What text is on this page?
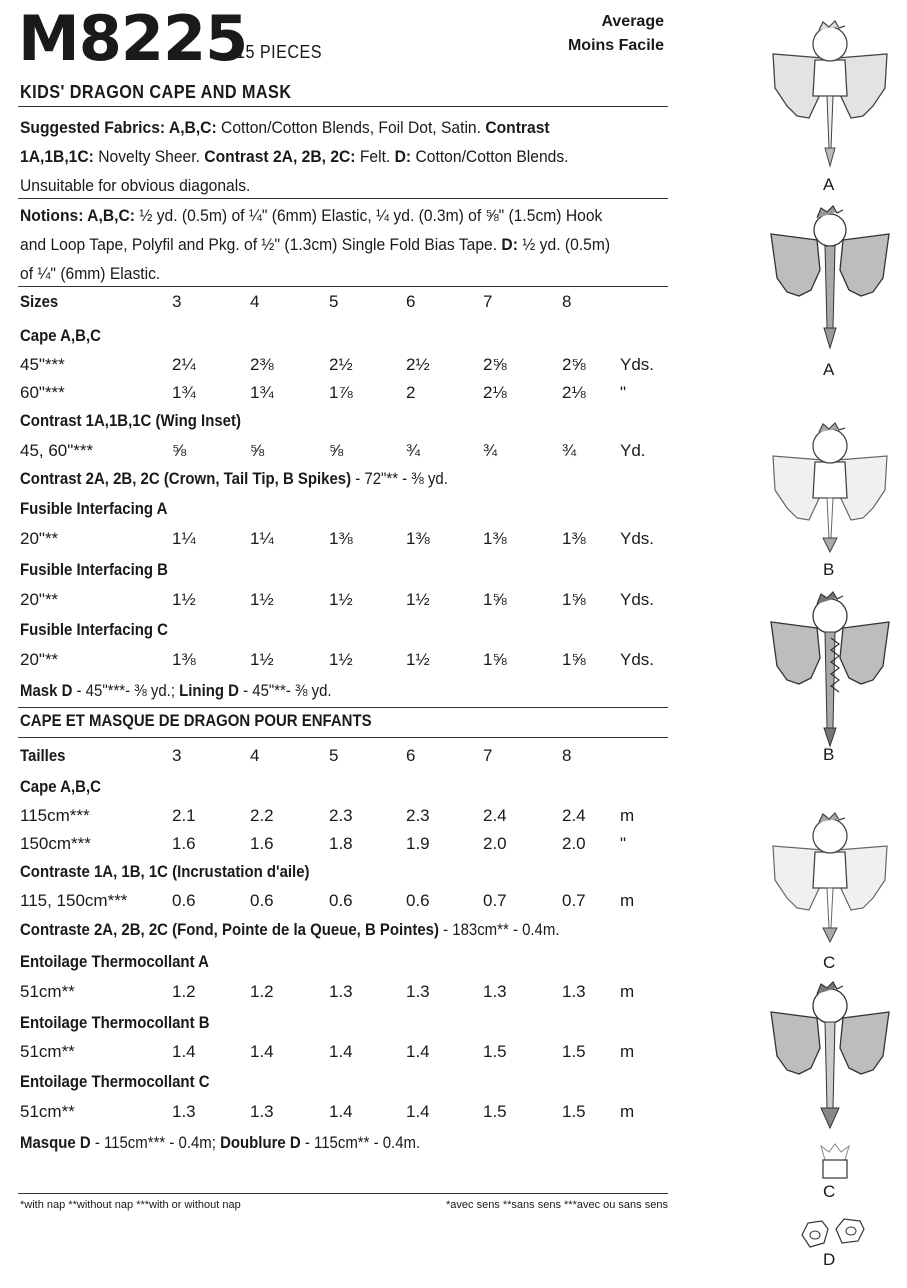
M8225
15 PIECES
Average
Moins Facile
KIDS' DRAGON CAPE AND MASK
Suggested Fabrics: A,B,C: Cotton/Cotton Blends, Foil Dot, Satin. Contrast 1A,1B,1C: Novelty Sheer. Contrast 2A, 2B, 2C: Felt. D: Cotton/Cotton Blends. Unsuitable for obvious diagonals.
Notions: A,B,C: ½ yd. (0.5m) of ¼" (6mm) Elastic, ¼ yd. (0.3m) of ⅝" (1.5cm) Hook and Loop Tape, Polyfil and Pkg. of ½" (1.3cm) Single Fold Bias Tape. D: ½ yd. (0.5m) of ¼" (6mm) Elastic.
Sizes	3	4	5	6	7	8
Cape A,B,C
45"***	2¼	2⅜	2½	2½	2⅝	2⅝ Yds.
60"***	1¾	1¾	1⅞	2	2⅛	2⅛ "
Contrast 1A,1B,1C (Wing Inset)
45, 60"***	⅝	⅝	⅝	¾	¾	¾	Yd.
Contrast 2A, 2B, 2C (Crown, Tail Tip, B Spikes) - 72"** - ⅜ yd.
Fusible Interfacing A
20"**	1¼	1¼	1⅜	1⅜	1⅜	1⅜ Yds.
Fusible Interfacing B
20"**	1½	1½	1½	1½	1⅝	1⅝ Yds.
Fusible Interfacing C
20"**	1⅜	1½	1½	1½	1⅝	1⅝ Yds.
Mask D - 45"***- ⅜ yd.; Lining D - 45"**- ⅜ yd.
CAPE ET MASQUE DE DRAGON POUR ENFANTS
Tailles	3	4	5	6	7	8
Cape A,B,C
115cm***	2.1	2.2	2.3	2.3	2.4	2.4 m
150cm***	1.6	1.6	1.8	1.9	2.0	2.0 "
Contraste 1A, 1B, 1C (Incrustation d'aile)
115, 150cm***	0.6	0.6	0.6	0.6	0.7	0.7 m
Contraste 2A, 2B, 2C (Fond, Pointe de la Queue, B Pointes) - 183cm** - 0.4m.
Entoilage Thermocollant A
51cm**	1.2	1.2	1.3	1.3	1.3	1.3 m
Entoilage Thermocollant B
51cm**	1.4	1.4	1.4	1.4	1.5	1.5 m
Entoilage Thermocollant C
51cm**	1.3	1.3	1.4	1.4	1.5	1.5 m
Masque D - 115cm*** - 0.4m; Doublure D - 115cm** - 0.4m.
*with nap **without nap ***with or without nap	*avec sens **sans sens ***avec ou sans sens
A
A
B
B
C
C
D
